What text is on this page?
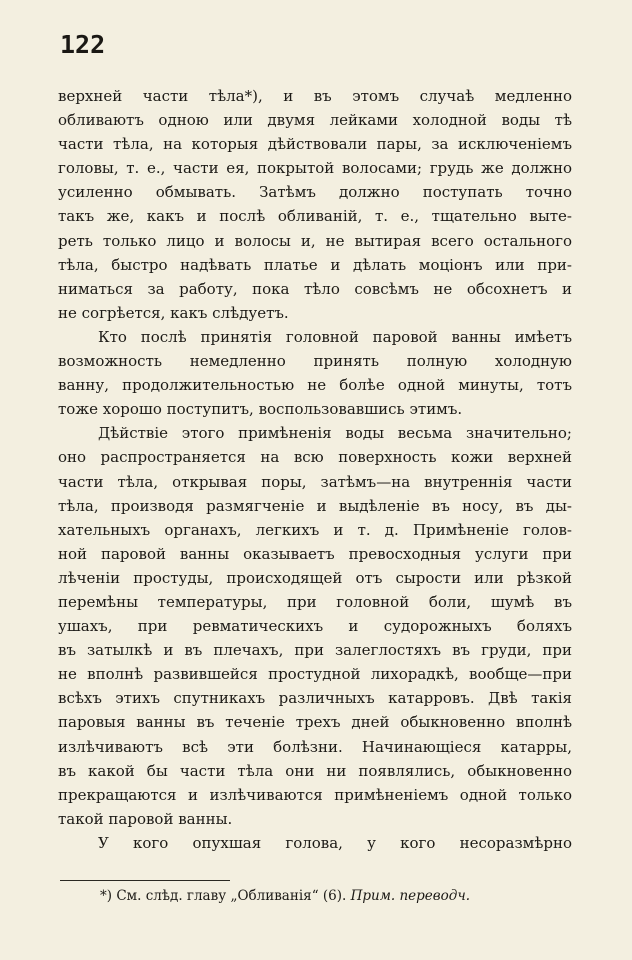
122
верхней части тѣла*), и въ этомъ случаѣ медленно
обливаютъ одною или двумя лейками холодной воды тѣ
части тѣла, на которыя дѣйствовали пары, за исключеніемъ
головы, т. е., части ея, покрытой волосами; грудь же должно
усиленно обмывать. Затѣмъ должно поступать точно
такъ же, какъ и послѣ обливаній, т. е., тщательно выте-
реть только лицо и волосы и, не вытирая всего остального
тѣла, быстро надѣвать платье и дѣлать моціонъ или при-
ниматься за работу, пока тѣло совсѣмъ не обсохнетъ и
не согрѣется, какъ слѣдуетъ.
Кто послѣ принятія головной паровой ванны имѣетъ
возможность немедленно принять полную холодную
ванну, продолжительностью не болѣе одной минуты, тотъ
тоже хорошо поступитъ, воспользовавшись этимъ.
Дѣйствіе этого примѣненія воды весьма значительно;
оно распространяется на всю поверхность кожи верхней
части тѣла, открывая поры, затѣмъ—на внутреннія части
тѣла, производя размягченіе и выдѣленіе въ носу, въ ды-
хательныхъ органахъ, легкихъ и т. д. Примѣненіе голов-
ной паровой ванны оказываетъ превосходныя услуги при
лѣченіи простуды, происходящей отъ сырости или рѣзкой
перемѣны температуры, при головной боли, шумѣ въ
ушахъ, при ревматическихъ и судорожныхъ боляхъ
въ затылкѣ и въ плечахъ, при залеглостяхъ въ груди, при
не вполнѣ развившейся простудной лихорадкѣ, вообще—при
всѣхъ этихъ спутникахъ различныхъ катарровъ. Двѣ такія
паровыя ванны въ теченіе трехъ дней обыкновенно вполнѣ
излѣчиваютъ всѣ эти болѣзни. Начинающіеся катарры,
въ какой бы части тѣла они ни появлялись, обыкновенно
прекращаются и излѣчиваются примѣненіемъ одной только
такой паровой ванны.
У кого опухшая голова, у кого несоразмѣрно
*) См. слѣд. главу „Обливанія“ (6). Прим. переводч.
